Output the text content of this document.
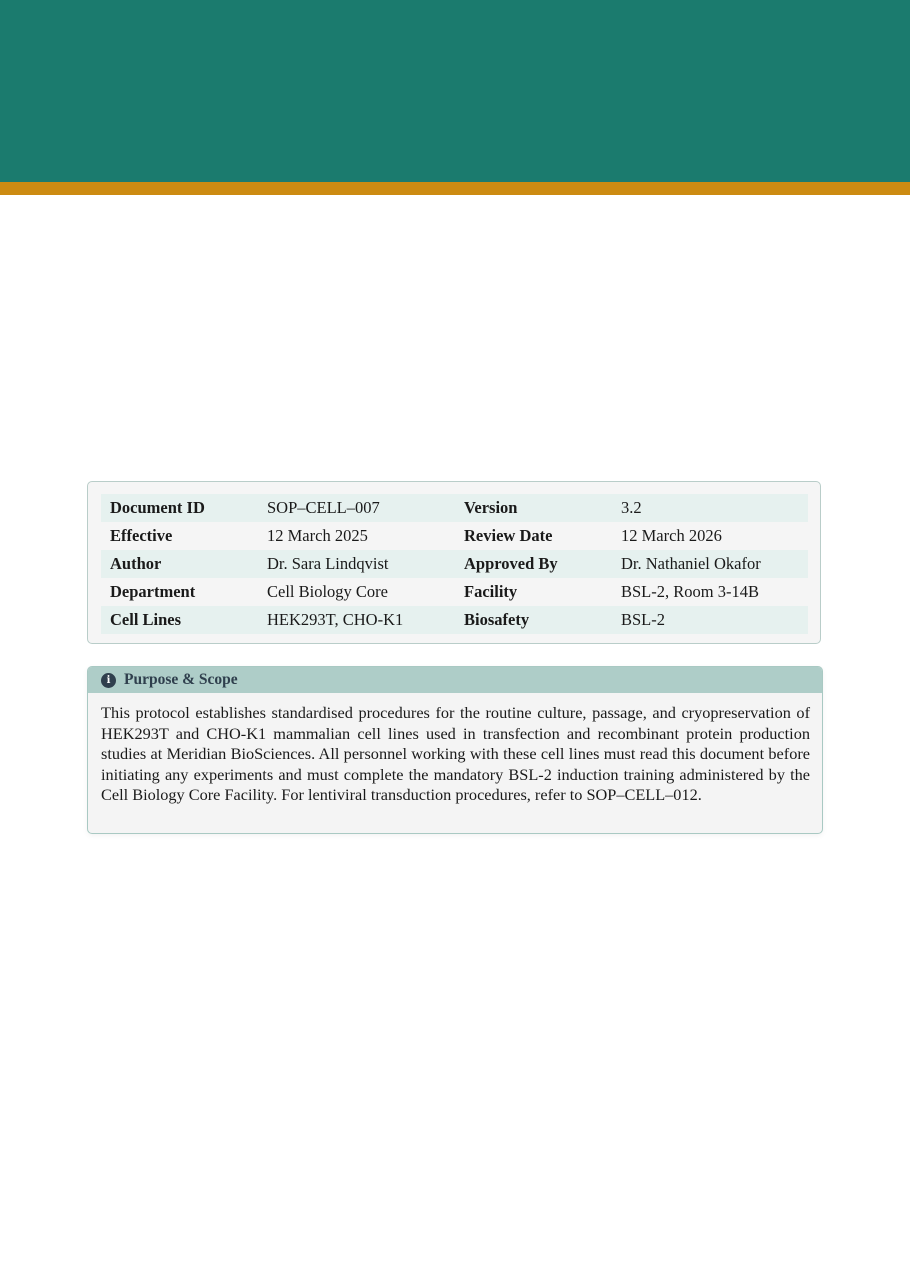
Document ID	SOP–CELL–007	Version	3.2
Effective	12 March 2025	Review Date	12 March 2026
Author	Dr. Sara Lindqvist	Approved By	Dr. Nathaniel Okafor
Department	Cell Biology Core	Facility	BSL-2, Room 3-14B
Cell Lines	HEK293T, CHO-K1	Biosafety	BSL-2
i Purpose & Scope
This protocol establishes standardised procedures for the routine culture, passage, and cryopreservation of HEK293T and CHO-K1 mammalian cell lines used in transfection and recombinant protein production studies at Meridian BioSciences. All personnel working with these cell lines must read this document before initiating any experiments and must complete the mandatory BSL-2 induction training administered by the Cell Biology Core Facility. For lentiviral transduction procedures, refer to SOP–CELL–012.
